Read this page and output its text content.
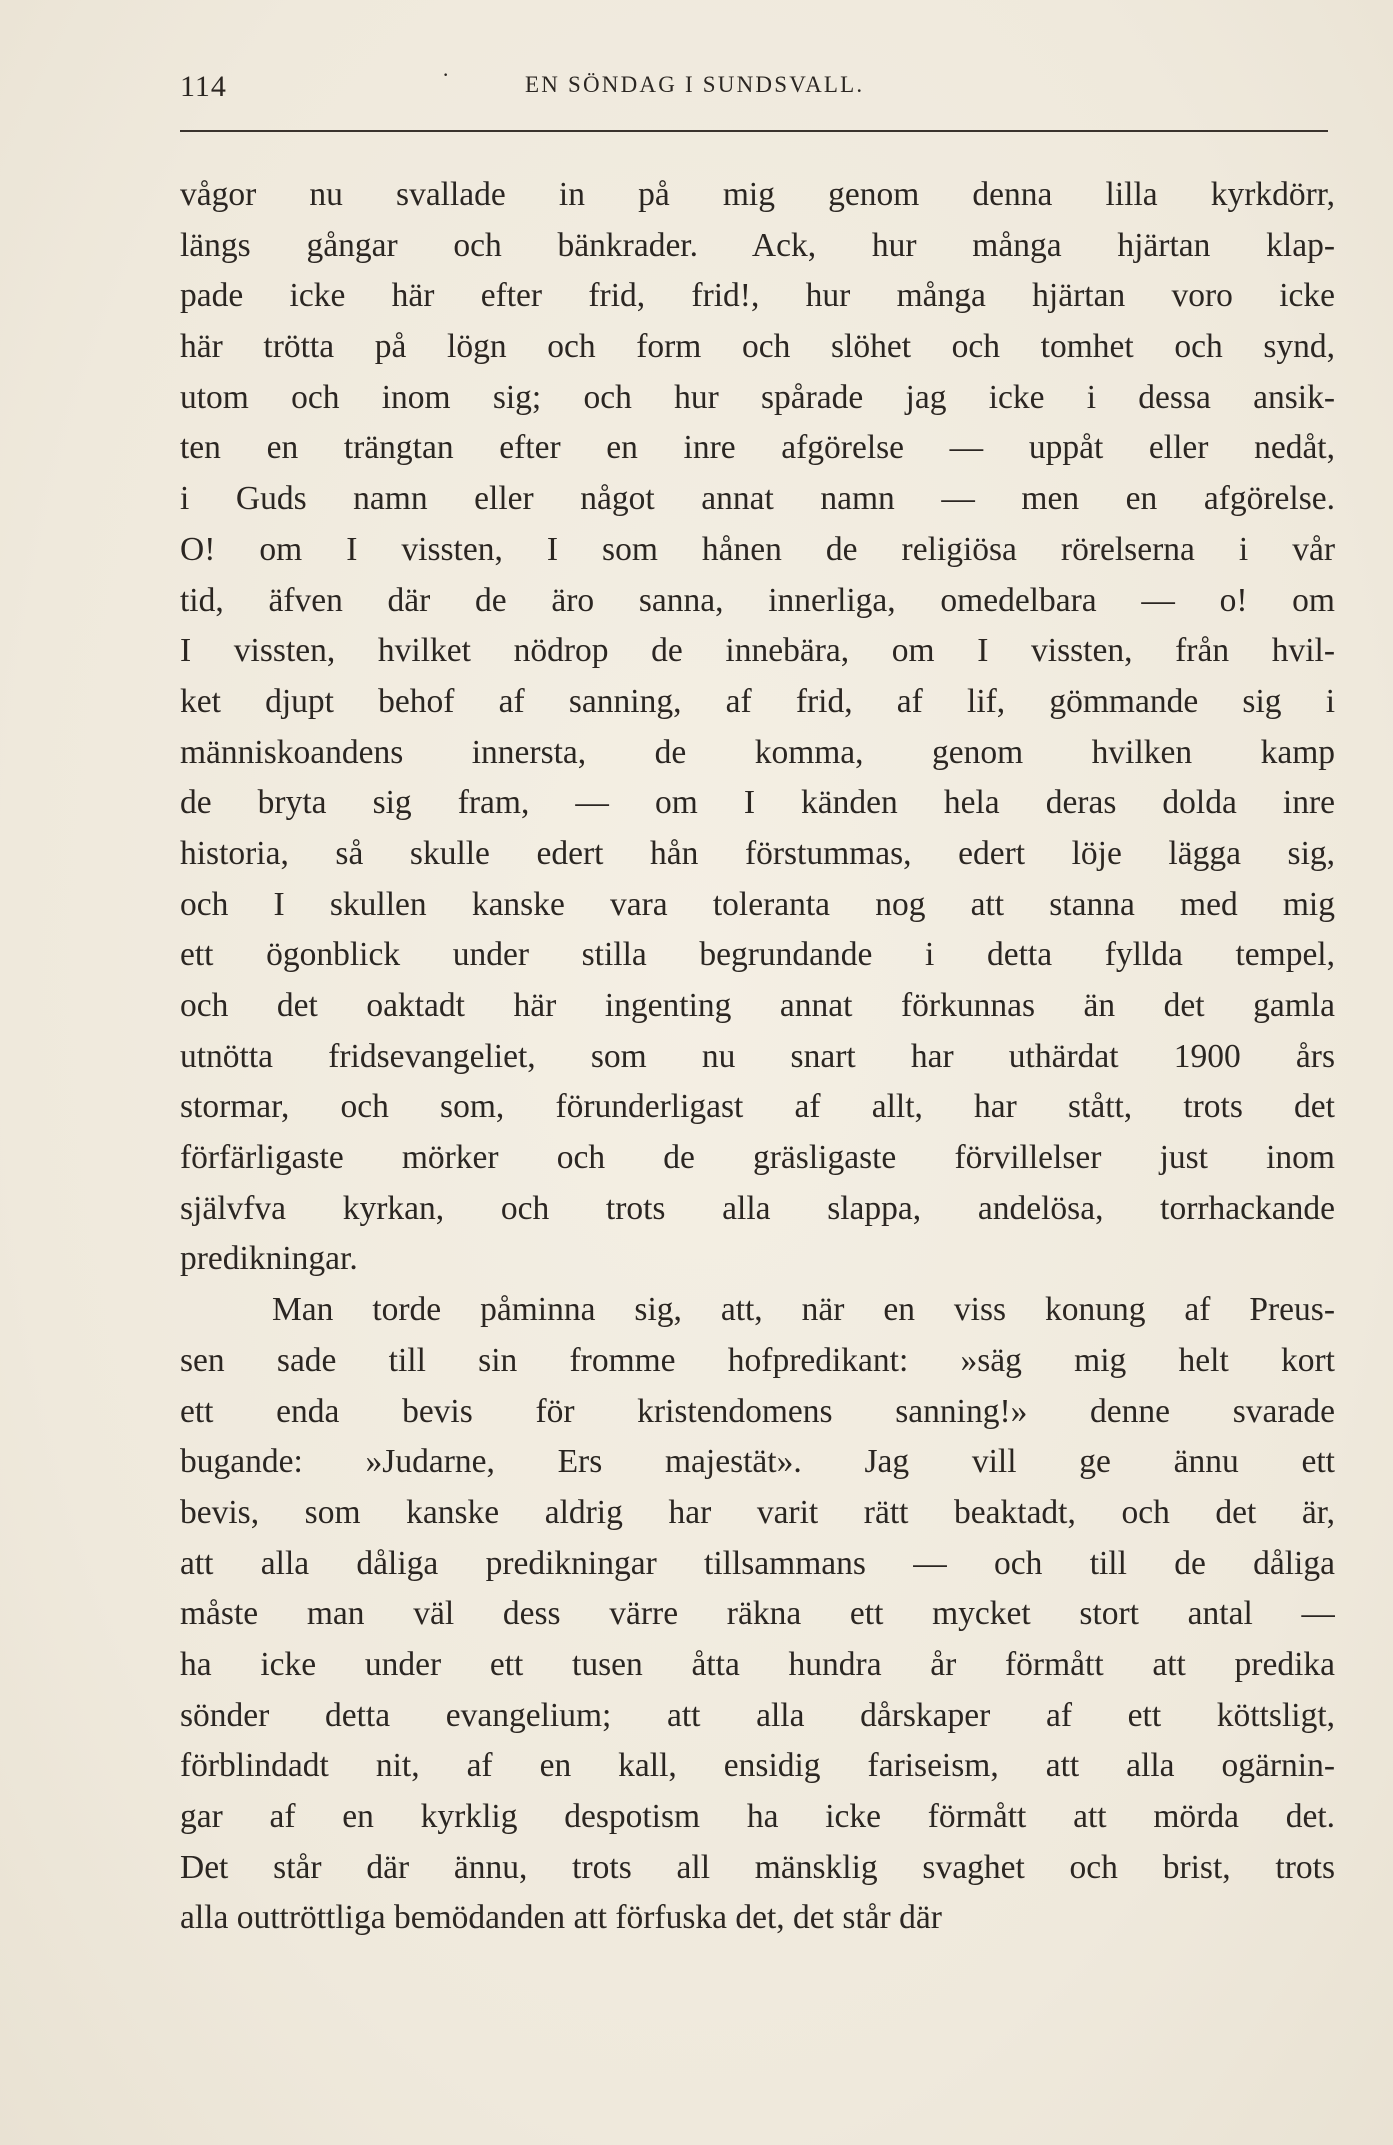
114	·	EN SÖNDAG I SUNDSVALL.
vågor nu svallade in på mig genom denna lilla kyrkdörr,
längs gångar och bänkrader. Ack, hur många hjärtan klap-
pade icke här efter frid, frid!, hur många hjärtan voro icke
här trötta på lögn och form och slöhet och tomhet och synd,
utom och inom sig; och hur spårade jag icke i dessa ansik-
ten en trängtan efter en inre afgörelse — uppåt eller nedåt,
i Guds namn eller något annat namn — men en afgörelse.
O! om I vissten, I som hånen de religiösa rörelserna i vår
tid, äfven där de äro sanna, innerliga, omedelbara — o! om
I vissten, hvilket nödrop de innebära, om I vissten, från hvil-
ket djupt behof af sanning, af frid, af lif, gömmande sig i
människoandens innersta, de komma, genom hvilken kamp
de bryta sig fram, — om I känden hela deras dolda inre
historia, så skulle edert hån förstummas, edert löje lägga sig,
och I skullen kanske vara toleranta nog att stanna med mig
ett ögonblick under stilla begrundande i detta fyllda tempel,
och det oaktadt här ingenting annat förkunnas än det gamla
utnötta fridsevangeliet, som nu snart har uthärdat 1900 års
stormar, och som, förunderligast af allt, har stått, trots det
förfärligaste mörker och de gräsligaste förvillelser just inom
självfva kyrkan, och trots alla slappa, andelösa, torrhackande
predikningar.
Man torde påminna sig, att, när en viss konung af Preus-
sen sade till sin fromme hofpredikant: »säg mig helt kort
ett enda bevis för kristendomens sanning!» denne svarade
bugande: »Judarne, Ers majestät». Jag vill ge ännu ett
bevis, som kanske aldrig har varit rätt beaktadt, och det är,
att alla dåliga predikningar tillsammans — och till de dåliga
måste man väl dess värre räkna ett mycket stort antal —
ha icke under ett tusen åtta hundra år förmått att predika
sönder detta evangelium; att alla dårskaper af ett köttsligt,
förblindadt nit, af en kall, ensidig fariseism, att alla ogärnin-
gar af en kyrklig despotism ha icke förmått att mörda det.
Det står där ännu, trots all mänsklig svaghet och brist, trots
alla outtröttliga bemödanden att förfuska det, det står där
